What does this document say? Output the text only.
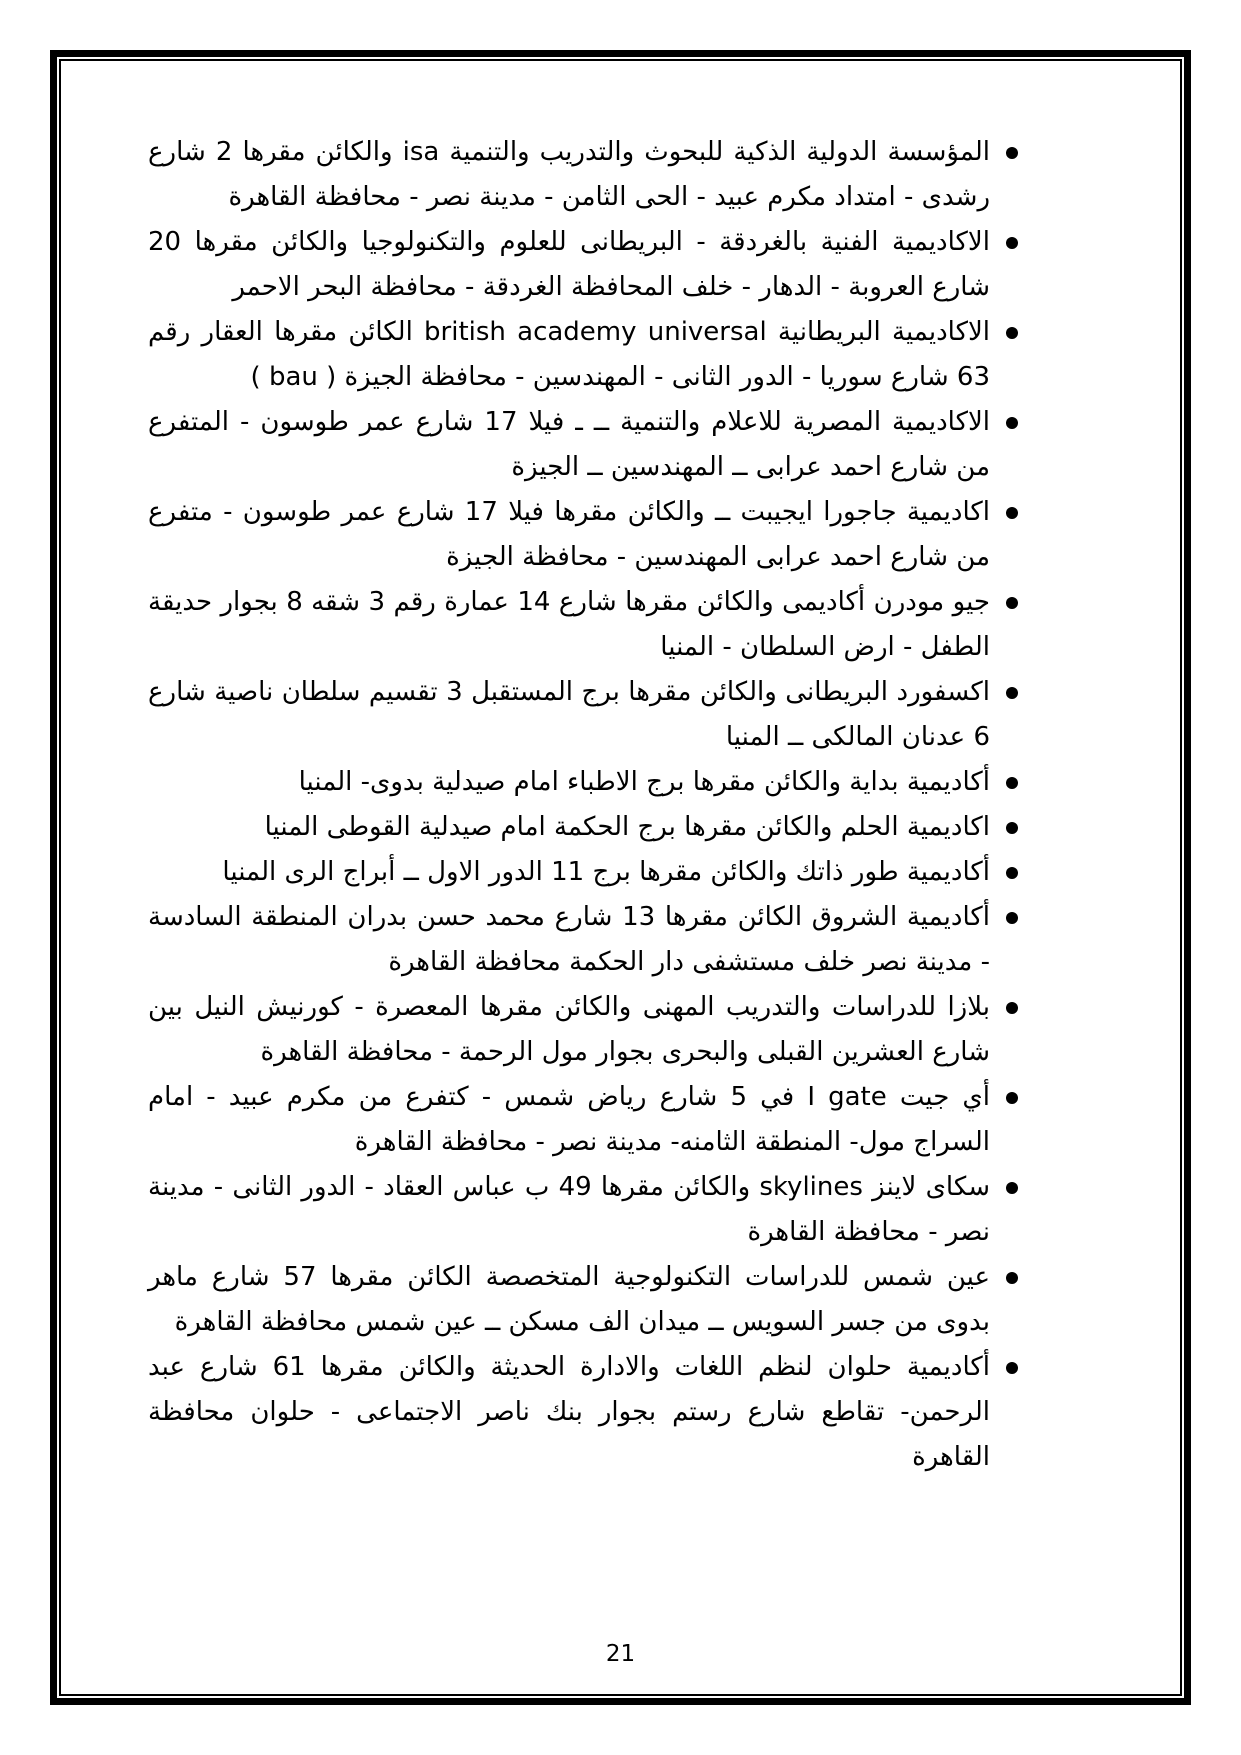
المؤسسة الدولية الذكية للبحوث والتدريب والتنمية isa والكائن مقرها 2 شارع رشدى - امتداد مكرم عبيد - الحى الثامن - مدينة نصر - محافظة القاهرة
الاكاديمية الفنية بالغردقة - البريطانى للعلوم والتكنولوجيا والكائن مقرها 20 شارع العروبة - الدهار - خلف المحافظة الغردقة - محافظة البحر الاحمر
الاكاديمية البريطانية british academy universal الكائن مقرها العقار رقم 63 شارع سوريا - الدور الثانى - المهندسين - محافظة الجيزة ( bau )
الاكاديمية المصرية للاعلام والتنمية ــ ـ فيلا 17 شارع عمر طوسون - المتفرع من شارع احمد عرابى ــ المهندسين ــ الجيزة
اكاديمية جاجورا ايجيبت ــ والكائن مقرها فيلا 17 شارع عمر طوسون - متفرع من شارع احمد عرابى المهندسين - محافظة الجيزة
جيو مودرن أكاديمى والكائن مقرها شارع 14 عمارة رقم 3 شقه 8 بجوار حديقة الطفل - ارض السلطان - المنيا
اكسفورد البريطانى والكائن مقرها برج المستقبل 3 تقسيم سلطان ناصية شارع 6 عدنان المالكى ــ المنيا
أكاديمية بداية والكائن مقرها برج الاطباء امام صيدلية بدوى- المنيا
اكاديمية الحلم والكائن مقرها برج الحكمة امام صيدلية القوطى المنيا
أكاديمية طور ذاتك والكائن مقرها برج 11 الدور الاول ــ أبراج الرى المنيا
أكاديمية الشروق الكائن مقرها 13 شارع محمد حسن بدران المنطقة السادسة - مدينة نصر خلف مستشفى دار الحكمة محافظة القاهرة
بلازا للدراسات والتدريب المهنى والكائن مقرها المعصرة - كورنيش النيل بين شارع العشرين القبلى والبحرى بجوار مول الرحمة - محافظة القاهرة
أي جيت I gate في 5 شارع رياض شمس - كتفرع من مكرم عبيد - امام السراج مول- المنطقة الثامنه- مدينة نصر - محافظة القاهرة
سكاى لاينز skylines والكائن مقرها 49 ب عباس العقاد - الدور الثانى - مدينة نصر - محافظة القاهرة
عين شمس للدراسات التكنولوجية المتخصصة الكائن مقرها 57 شارع ماهر بدوى من جسر السويس ــ ميدان الف مسكن ــ عين شمس محافظة القاهرة
أكاديمية حلوان لنظم اللغات والادارة الحديثة والكائن مقرها 61 شارع عبد الرحمن- تقاطع شارع رستم بجوار بنك ناصر الاجتماعى - حلوان محافظة القاهرة
21
